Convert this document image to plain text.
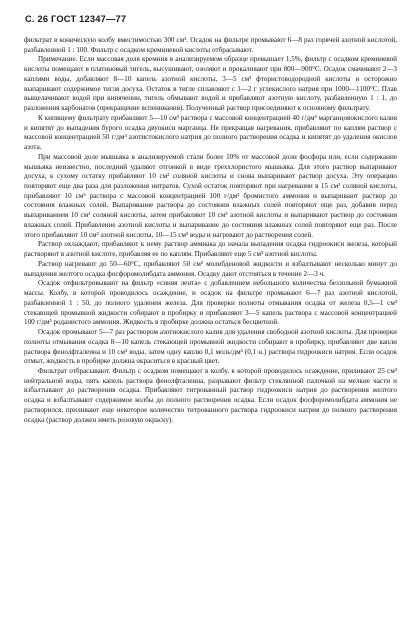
С. 26 ГОСТ 12347—77

фильтрат в коническую колбу вместимостью 300 см³. Осадок на фильтре промывают 6—8 раз горячей азотной кислотой, разбавленной 1 : 100. Фильтр с осадком кремниевой кислоты отбрасывают.

Примечание. Если массовая доля кремния в анализируемом образце превышает 1,5%, фильтр с осадком кремниевой кислоты помещают в платиновый тигель, высушивают, озоляют и прокаливают при 800—900°С. Осадок смачивают 2—3 каплями воды, добавляют 8—10 капель азотной кислоты, 3—5 см³ фтористоводородной кислоты и осторожно выпаривают содержимое тигля досуха. Остаток в тигле сплавляют с 1—2 г углекислого натрия при 1000—1100°С. Плав выщелачивают водой при кипячении, тигель обмывают водой и прибавляют азотную кислоту, разбавленную 1 : 1, до разложения карбонатов (прекращение вспенивания). Полученный раствор присоединяют к основному фильтрату.

К кипящему фильтрату прибавляют 5—10 см³ раствора с массовой концентрацией 40 г/дм³ марганцовокислого калия и кипятят до выпадения бурого осадка двуокиси марганца. Не прекращая нагревания, прибавляют по каплям раствор с массовой концентрацией 50 г/дм³ азотистокислого натрия до полного растворения осадка и кипятят до удаления окислов азота.

При массовой доле мышьяка в анализируемой стали более 10% от массовой доли фосфора или, если содержание мышьяка неизвестно, последний удаляют отгонкой в виде треххлористого мышьяка. Для этого раствор выпаривают досуха, к сухому остатку прибавляют 10 см³ соляной кислоты и снова выпаривают раствор досуха. Эту операцию повторяют еще два раза для разложения нитратов. Сухой остаток повторяют при нагревании в 15 см³ соляной кислоты, прибавляют 10 см³ раствора с массовой концентрацией 100 г/дм³ бромистого аммония и выпаривают раствор до состояния влажных солей. Выпаривание раствора до состояния влажных солей повторяют еще раз, добавив перед выпариванием 10 см³ соляной кислоты, затем прибавляют 10 см³ азотной кислоты и выпаривают раствор до состояния влажных солей. Прибавление азотной кислоты и выпаривание до состояния влажных солей повторяют еще раз. После этого прибавляют 10 см³ азотной кислоты, 10—15 см³ воды и нагревают до растворения солей.

Раствор охлаждают, прибавляют к нему раствор аммиака до начала выпадения осадка гидроокиси железа, который растворяют в азотной кислоте, прибавляя ее по каплям. Прибавляют еще 5 см³ азотной кислоты.

Раствор нагревают до 50—60°С, прибавляют 50 см³ молибденовой жидкости и взбалтывают несколько минут до выпадения желтого осадка фосфоромолибдата аммония. Осадку дают отстояться в течение 2—3 ч.

Осадок отфильтровывают на фильтр «синяя лента» с добавлением небольшого количества беззольной бумажной массы. Колбу, в которой проводилось осаждение, и осадок на фильтре промывают 6—7 раз азотной кислотой, разбавленной 1 : 50, до полного удаления железа. Для проверки полноты отмывания осадка от железа 0,5—1 см³ стекающей промывной жидкости собирают в пробирку и прибавляют 3—5 капель раствора с массовой концентрацией 100 г/дм³ роданистого аммония. Жидкость в пробирке должна остаться бесцветной.

Осадок промывают 5—7 раз раствором азотнокислого калия для удаления свободной азотной кислоты. Для проверки полноты отмывания осадка 8—10 капель стекающей промывной жидкости собирают в пробирку, прибавляют две капли раствора фенолфталеина и 10 см³ воды, затем одну каплю 0,1 моль/дм³ (0,1 н.) раствора гидроокиси натрия. Если осадок отмыт, жидкость в пробирке должна окраситься в красный цвет.

Фильтрат отбрасывают. Фильтр с осадком помещают в колбу, в которой проводилось осаждение, приливают 25 см³ нейтральной воды, пять капель раствора фенолфталеина, разрывают фильтр стеклянной палочкой на мелкие части и взбалтывают до растворения осадка. Прибавляют титрованный раствор гидроокиси натрия до растворения желтого осадка и взбалтывают содержимое колбы до полного растворения осадка. Если осадок фосфоромолибдата аммония не растворился, приливают еще некоторое количество титрованного раствора гидроокиси натрия до полного растворения осадка (раствор должен иметь розовую окраску).
